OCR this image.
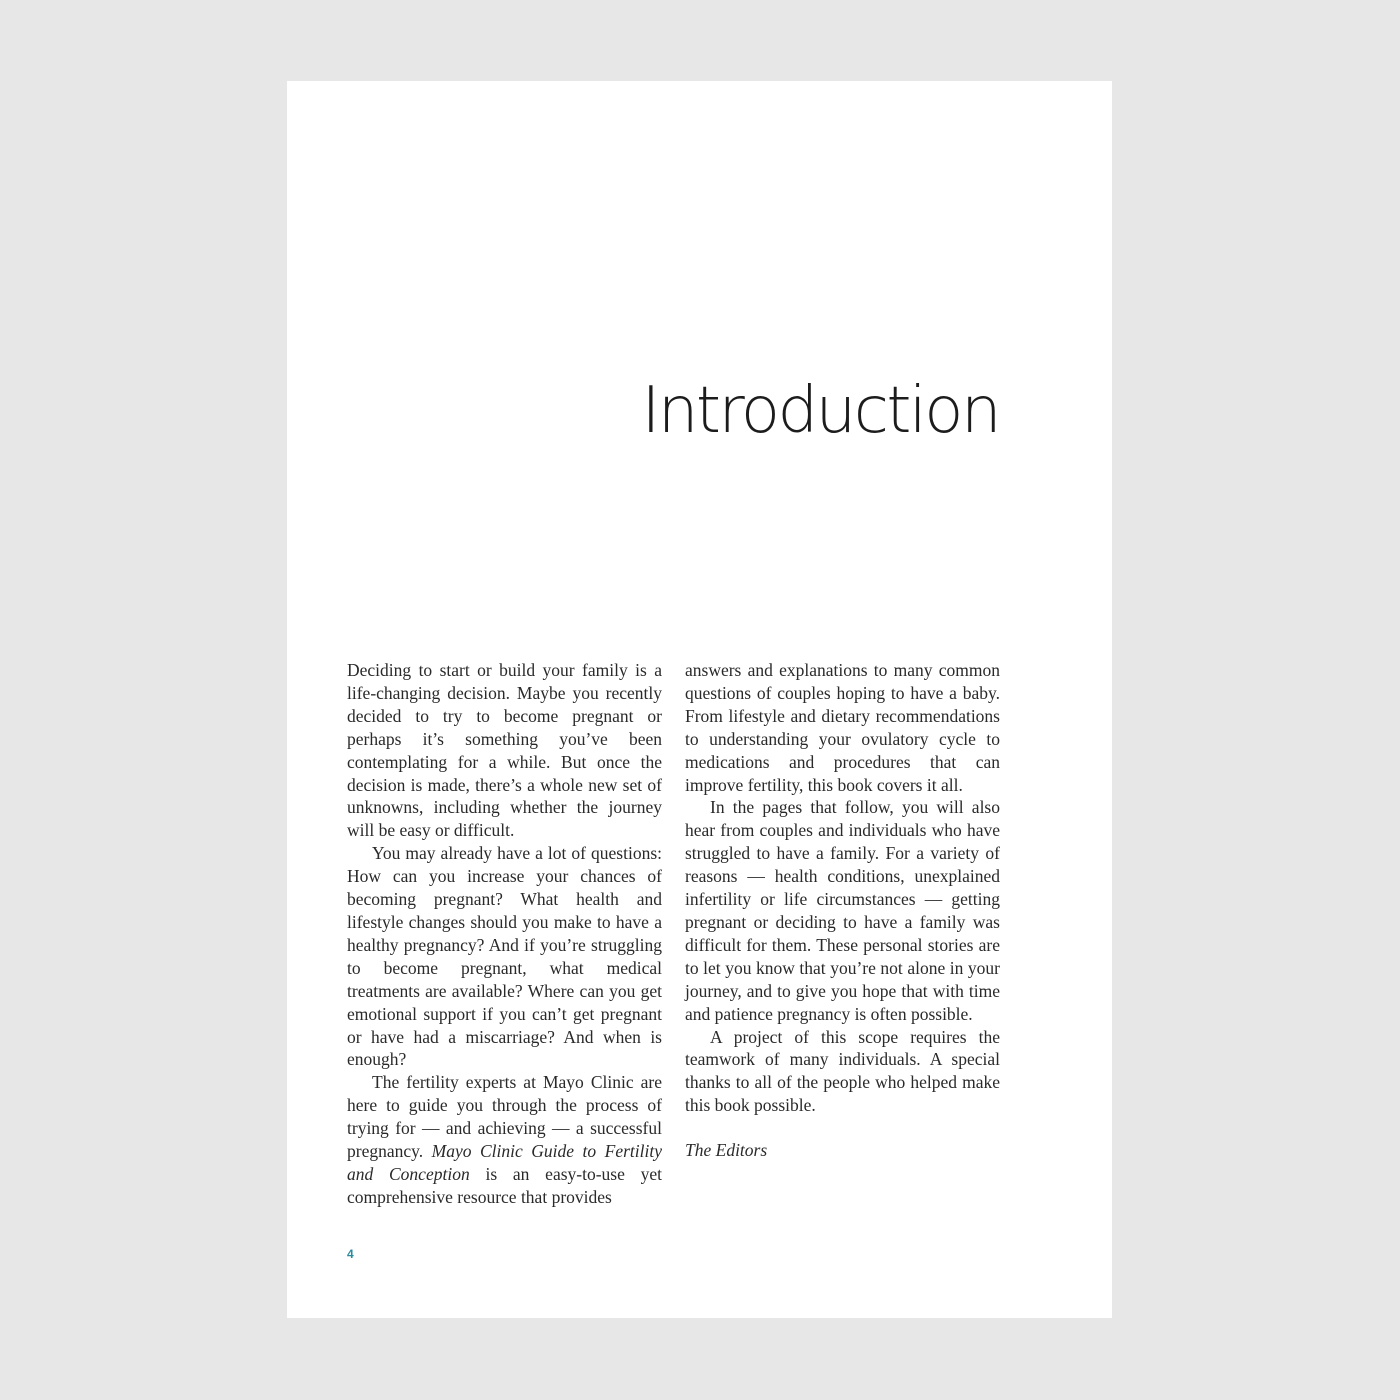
Introduction

Deciding to start or build your family is a life-changing decision. Maybe you recently decided to try to become pregnant or perhaps it’s something you’ve been contemplating for a while. But once the decision is made, there’s a whole new set of unknowns, including whether the journey will be easy or difficult.

You may already have a lot of questions: How can you increase your chances of becoming pregnant? What health and lifestyle changes should you make to have a healthy pregnancy? And if you’re struggling to become pregnant, what medical treatments are available? Where can you get emotional support if you can’t get pregnant or have had a miscarriage? And when is enough?

The fertility experts at Mayo Clinic are here to guide you through the process of trying for — and achieving — a successful pregnancy. Mayo Clinic Guide to Fertility and Conception is an easy-to-use yet comprehensive resource that provides

answers and explanations to many common questions of couples hoping to have a baby. From lifestyle and dietary recommendations to understanding your ovulatory cycle to medications and procedures that can improve fertility, this book covers it all.

In the pages that follow, you will also hear from couples and individuals who have struggled to have a family. For a variety of reasons — health conditions, unexplained infertility or life circumstances — getting pregnant or deciding to have a family was difficult for them. These personal stories are to let you know that you’re not alone in your journey, and to give you hope that with time and patience pregnancy is often possible.

A project of this scope requires the teamwork of many individuals. A special thanks to all of the people who helped make this book possible.

The Editors
4
